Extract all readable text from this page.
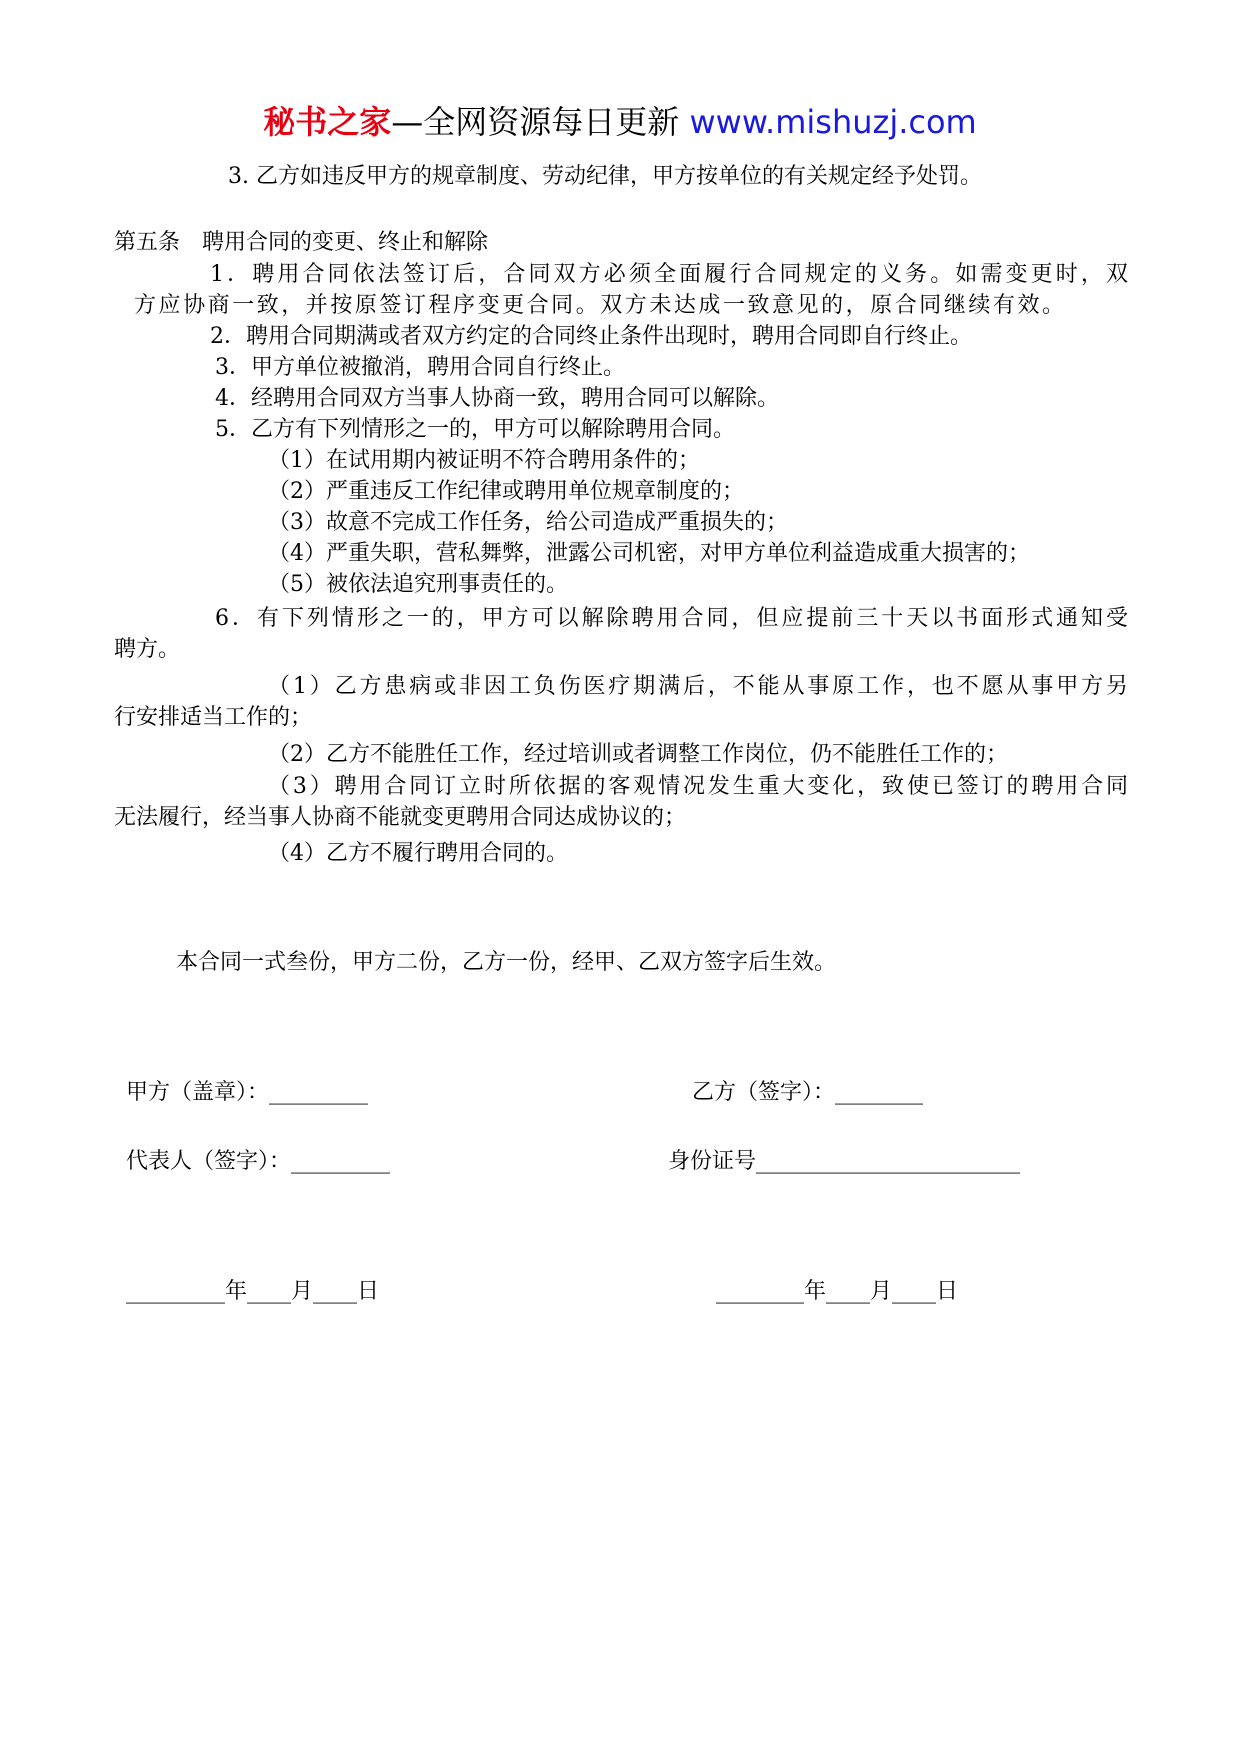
秘书之家—全网资源每日更新 www.mishuzj.com
3. 乙方如违反甲方的规章制度、劳动纪律，甲方按单位的有关规定经予处罚。
第五条　聘用合同的变更、终止和解除
1．聘用合同依法签订后，合同双方必须全面履行合同规定的义务。如需变更时，双
方应协商一致，并按原签订程序变更合同。双方未达成一致意见的，原合同继续有效。
2．聘用合同期满或者双方约定的合同终止条件出现时，聘用合同即自行终止。
3．甲方单位被撤消，聘用合同自行终止。
4．经聘用合同双方当事人协商一致，聘用合同可以解除。
5．乙方有下列情形之一的，甲方可以解除聘用合同。
（1）在试用期内被证明不符合聘用条件的；
（2）严重违反工作纪律或聘用单位规章制度的；
（3）故意不完成工作任务，给公司造成严重损失的；
（4）严重失职，营私舞弊，泄露公司机密，对甲方单位利益造成重大损害的；
（5）被依法追究刑事责任的。
6．有下列情形之一的，甲方可以解除聘用合同，但应提前三十天以书面形式通知受
聘方。
（1）乙方患病或非因工负伤医疗期满后，不能从事原工作，也不愿从事甲方另
行安排适当工作的；
（2）乙方不能胜任工作，经过培训或者调整工作岗位，仍不能胜任工作的；
（3）聘用合同订立时所依据的客观情况发生重大变化，致使已签订的聘用合同
无法履行，经当事人协商不能就变更聘用合同达成协议的；
（4）乙方不履行聘用合同的。
本合同一式叁份，甲方二份，乙方一份，经甲、乙双方签字后生效。
甲方（盖章）：_________	乙方（签字）：________
代表人（签字）：_________	身份证号________________________
_________年____月____日	________年____月____日
